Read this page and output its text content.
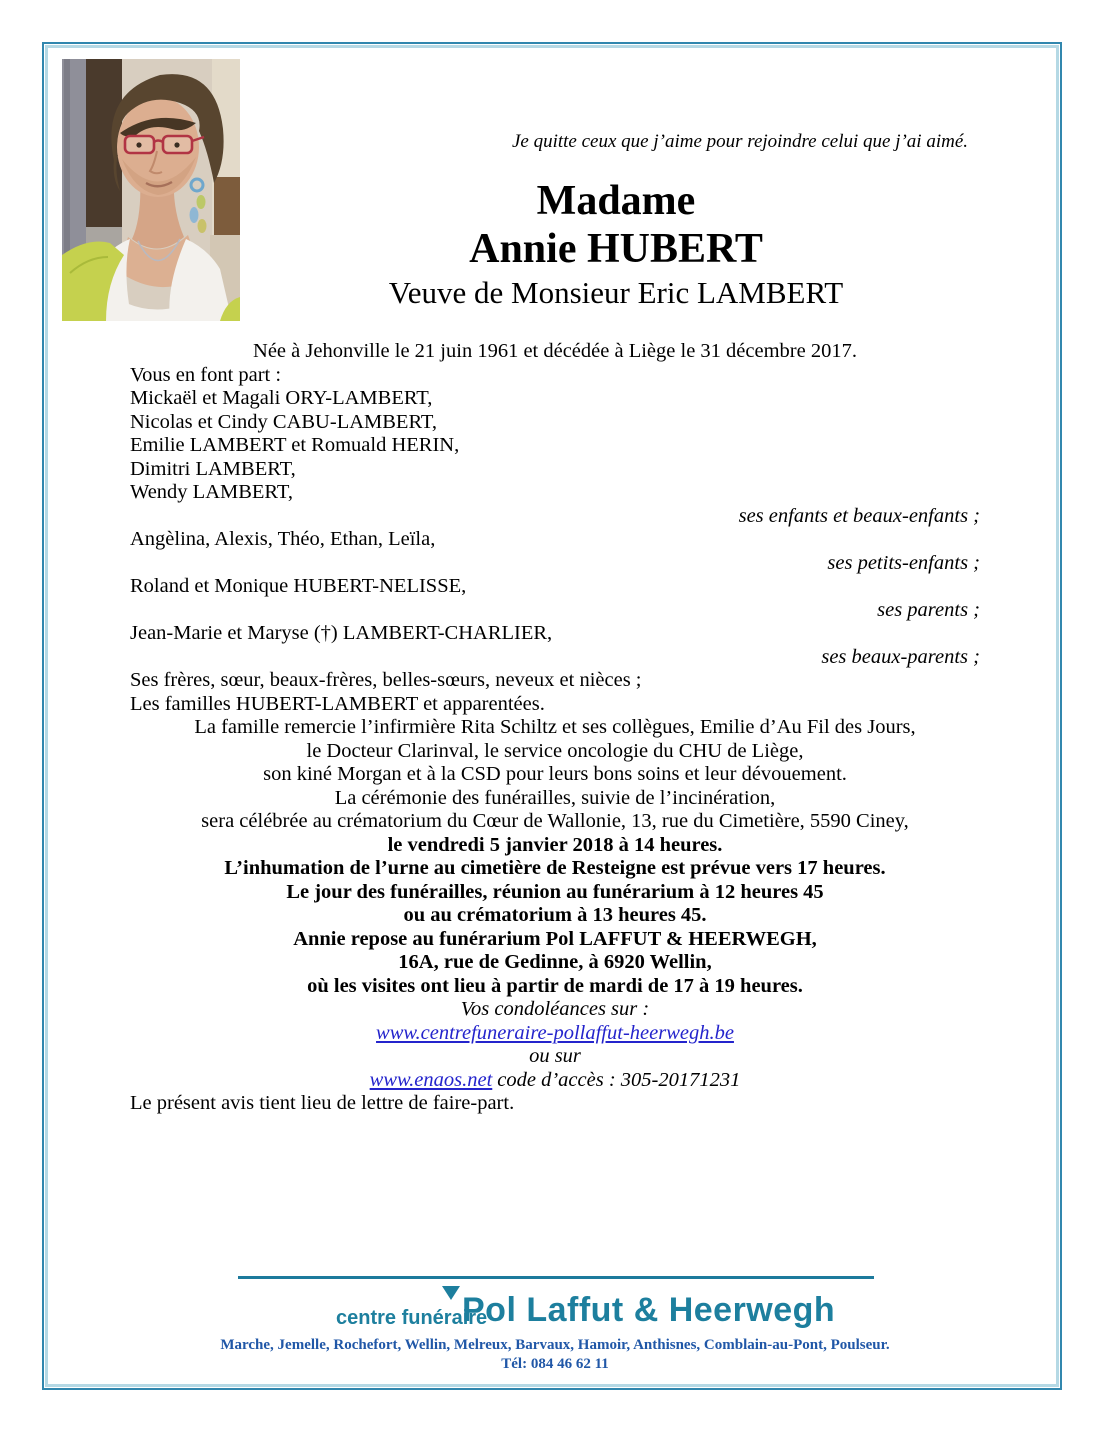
Je quitte ceux que j’aime pour rejoindre celui que j’ai aimé.
Madame
Annie HUBERT
Veuve de Monsieur Eric LAMBERT

Née à Jehonville le 21 juin 1961 et décédée à Liège le 31 décembre 2017.

Vous en font part :

Mickaël et Magali ORY-LAMBERT,

Nicolas et Cindy CABU-LAMBERT,

Emilie LAMBERT et Romuald HERIN,

Dimitri LAMBERT,

Wendy LAMBERT,

ses enfants et beaux-enfants ;

Angèlina, Alexis, Théo, Ethan, Leïla,

ses petits-enfants ;

Roland et Monique HUBERT-NELISSE,

ses parents ;

Jean-Marie et Maryse (†) LAMBERT-CHARLIER,

ses beaux-parents ;

Ses frères, sœur, beaux-frères, belles-sœurs, neveux et nièces ;

Les familles HUBERT-LAMBERT et apparentées.

La famille remercie l’infirmière Rita Schiltz et ses collègues, Emilie d’Au Fil des Jours,

le Docteur Clarinval, le service oncologie du CHU de Liège,

son kiné Morgan et à la CSD pour leurs bons soins et leur dévouement.

La cérémonie des funérailles, suivie de l’incinération,

sera célébrée au crématorium du Cœur de Wallonie, 13, rue du Cimetière, 5590 Ciney,

le vendredi 5 janvier 2018 à 14 heures.

L’inhumation de l’urne au cimetière de Resteigne est prévue vers 17 heures.

Le jour des funérailles, réunion au funérarium à 12 heures 45

ou au crématorium à 13 heures 45.

Annie repose au funérarium Pol LAFFUT & HEERWEGH,

16A, rue de Gedinne, à 6920 Wellin,

où les visites ont lieu à partir de mardi de 17 à 19 heures.

Vos condoléances sur :

www.centrefuneraire-pollaffut-heerwegh.be

ou sur

www.enaos.net code d’accès : 305-20171231

Le présent avis tient lieu de lettre de faire-part.

centre funéraire
Pol Laffut & Heerwegh
Marche, Jemelle, Rochefort, Wellin, Melreux, Barvaux, Hamoir, Anthisnes, Comblain-au-Pont, Poulseur.
Tél: 084 46 62 11
